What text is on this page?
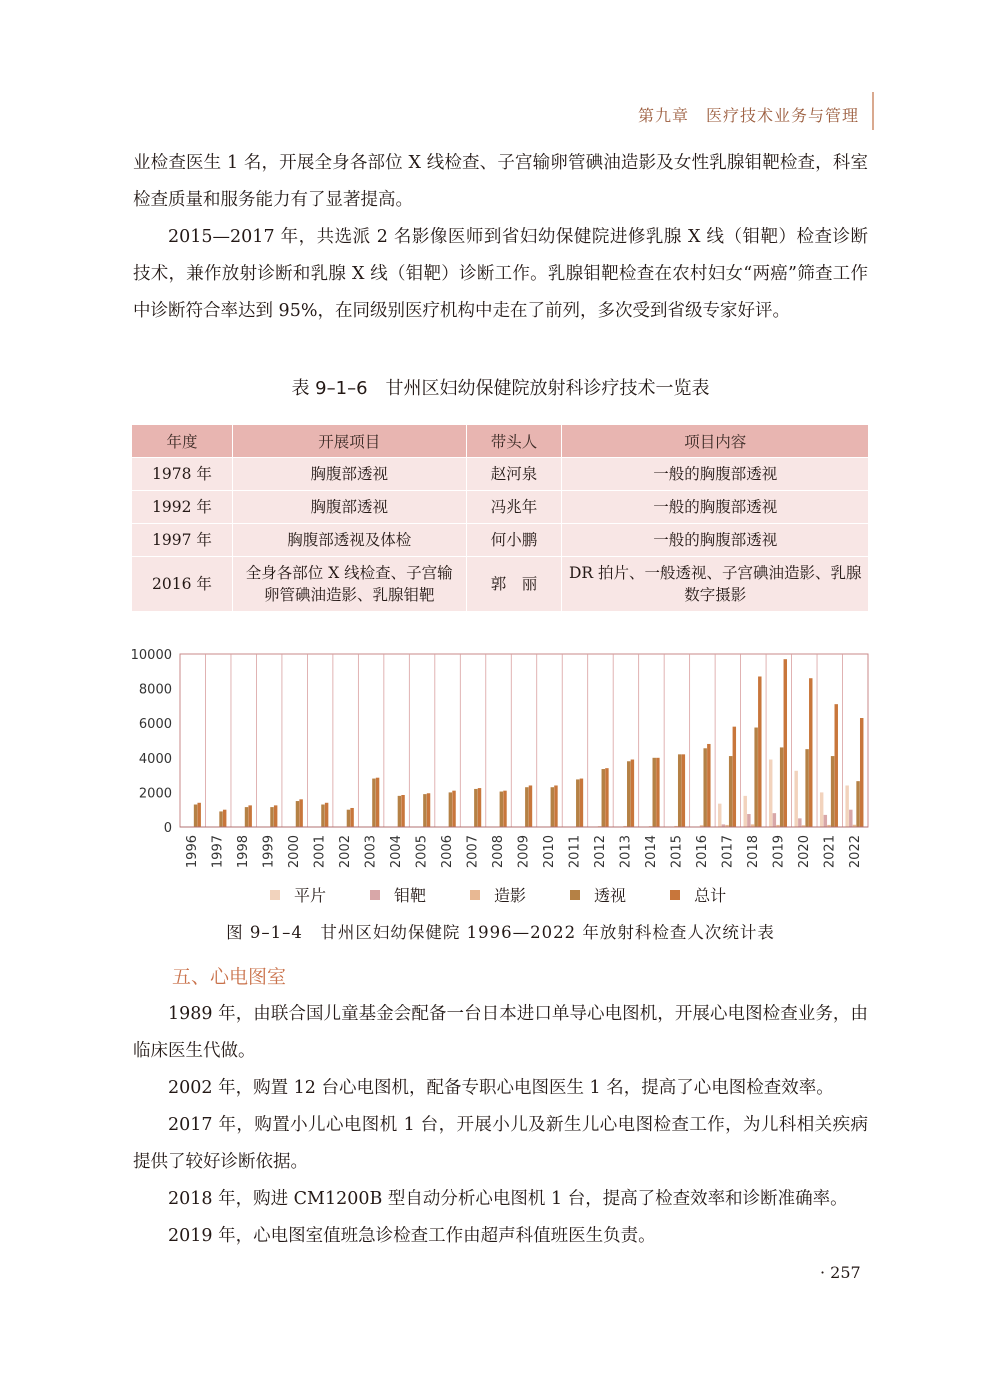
第九章　医疗技术业务与管理
业检查医生 1 名，开展全身各部位 X 线检查、子宫输卵管碘油造影及女性乳腺钼靶检查，科室检查质量和服务能力有了显著提高。
2015—2017 年，共选派 2 名影像医师到省妇幼保健院进修乳腺 X 线（钼靶）检查诊断技术，兼作放射诊断和乳腺 X 线（钼靶）诊断工作。乳腺钼靶检查在农村妇女“两癌”筛查工作中诊断符合率达到 95%，在同级别医疗机构中走在了前列，多次受到省级专家好评。
表 9–1–6　甘州区妇幼保健院放射科诊疗技术一览表
年度	开展项目	带头人	项目内容
1978 年	胸腹部透视	赵河泉	一般的胸腹部透视
1992 年	胸腹部透视	冯兆年	一般的胸腹部透视
1997 年	胸腹部透视及体检	何小鹏	一般的胸腹部透视
2016 年	全身各部位 X 线检查、子宫输卵管碘油造影、乳腺钼靶	郭　丽	DR 拍片、一般透视、子宫碘油造影、乳腺数字摄影
0
2000
4000
6000
8000
10000
1996 1997 1998 1999 2000 2001 2002 2003 2004 2005 2006 2007 2008 2009 2010 2011 2012 2013 2014 2015 2016 2017 2018 2019 2020 2021 2022
平片	钼靶	造影	透视	总计
图 9–1–4　甘州区妇幼保健院 1996—2022 年放射科检查人次统计表
五、心电图室
1989 年，由联合国儿童基金会配备一台日本进口单导心电图机，开展心电图检查业务，由临床医生代做。
2002 年，购置 12 台心电图机，配备专职心电图医生 1 名，提高了心电图检查效率。
2017 年，购置小儿心电图机 1 台，开展小儿及新生儿心电图检查工作，为儿科相关疾病提供了较好诊断依据。
2018 年，购进 CM1200B 型自动分析心电图机 1 台，提高了检查效率和诊断准确率。
2019 年，心电图室值班急诊检查工作由超声科值班医生负责。
· 257
